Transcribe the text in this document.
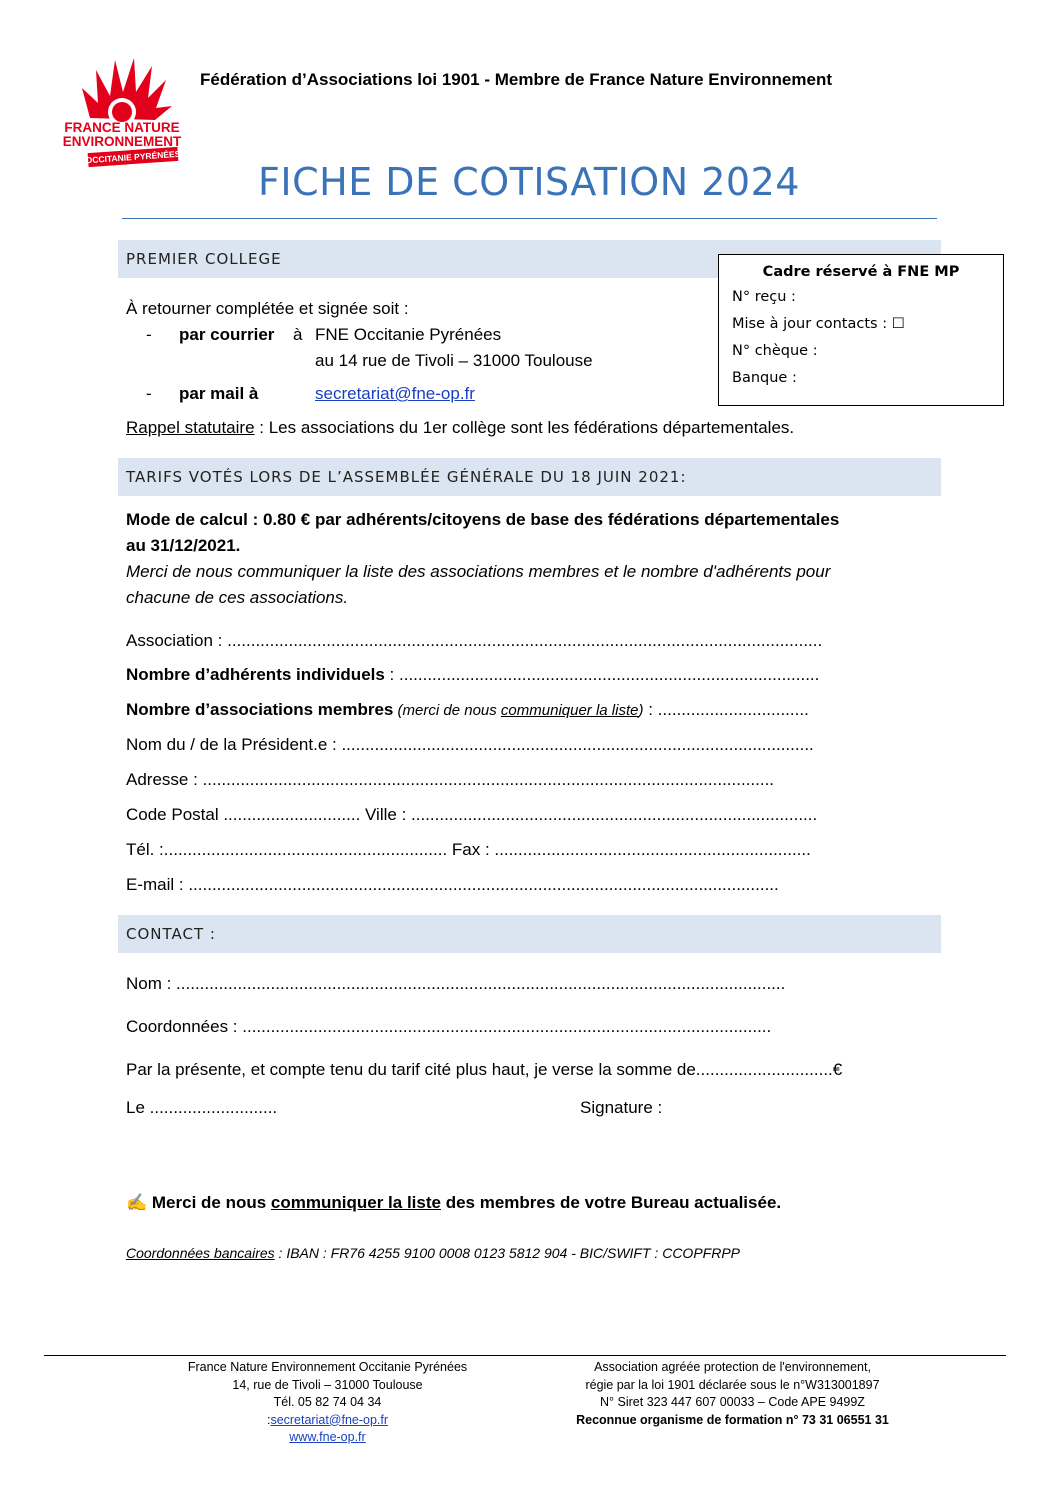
FRANCE NATURE
ENVIRONNEMENT
OCCITANIE PYRÉNÉES
Fédération d’Associations loi 1901 - Membre de France Nature Environnement
FICHE DE COTISATION 2024
PREMIER COLLEGE
Cadre réservé à FNE MP
N° reçu :
Mise à jour contacts : ☐
N° chèque :
Banque :
À retourner complétée et signée soit :
- par courrier à FNE Occitanie Pyrénées
au 14 rue de Tivoli – 31000 Toulouse
- par mail à	secretariat@fne-op.fr
Rappel statutaire : Les associations du 1er collège sont les fédérations départementales.
TARIFS VOTÉS LORS DE L’ASSEMBLÉE GÉNÉRALE DU 18 JUIN 2021:
Mode de calcul : 0.80 € par adhérents/citoyens de base des fédérations départementales
au 31/12/2021.
Merci de nous communiquer la liste des associations membres et le nombre d'adhérents pour
chacune de ces associations.
Association : ..............................................................................................................................
Nombre d’adhérents individuels : .........................................................................................
Nombre d’associations membres (merci de nous communiquer la liste) : ................................
Nom du / de la Président.e : ....................................................................................................
Adresse : .........................................................................................................................
Code Postal ............................. Ville : ......................................................................................
Tél. :............................................................ Fax : ...................................................................
E-mail : .............................................................................................................................
CONTACT :
Nom : .................................................................................................................................
Coordonnées : ................................................................................................................
Par la présente, et compte tenu du tarif cité plus haut, je verse la somme de.............................€
Le ...........................	Signature :
✍ Merci de nous communiquer la liste des membres de votre Bureau actualisée.
Coordonnées bancaires : IBAN : FR76 4255 9100 0008 0123 5812 904 - BIC/SWIFT : CCOPFRPP
France Nature Environnement Occitanie Pyrénées
14, rue de Tivoli – 31000 Toulouse
Tél. 05 82 74 04 34
:secretariat@fne-op.fr
www.fne-op.fr
Association agréée protection de l'environnement,
régie par la loi 1901 déclarée sous le n°W313001897
N° Siret 323 447 607 00033 – Code APE 9499Z
Reconnue organisme de formation n° 73 31 06551 31
